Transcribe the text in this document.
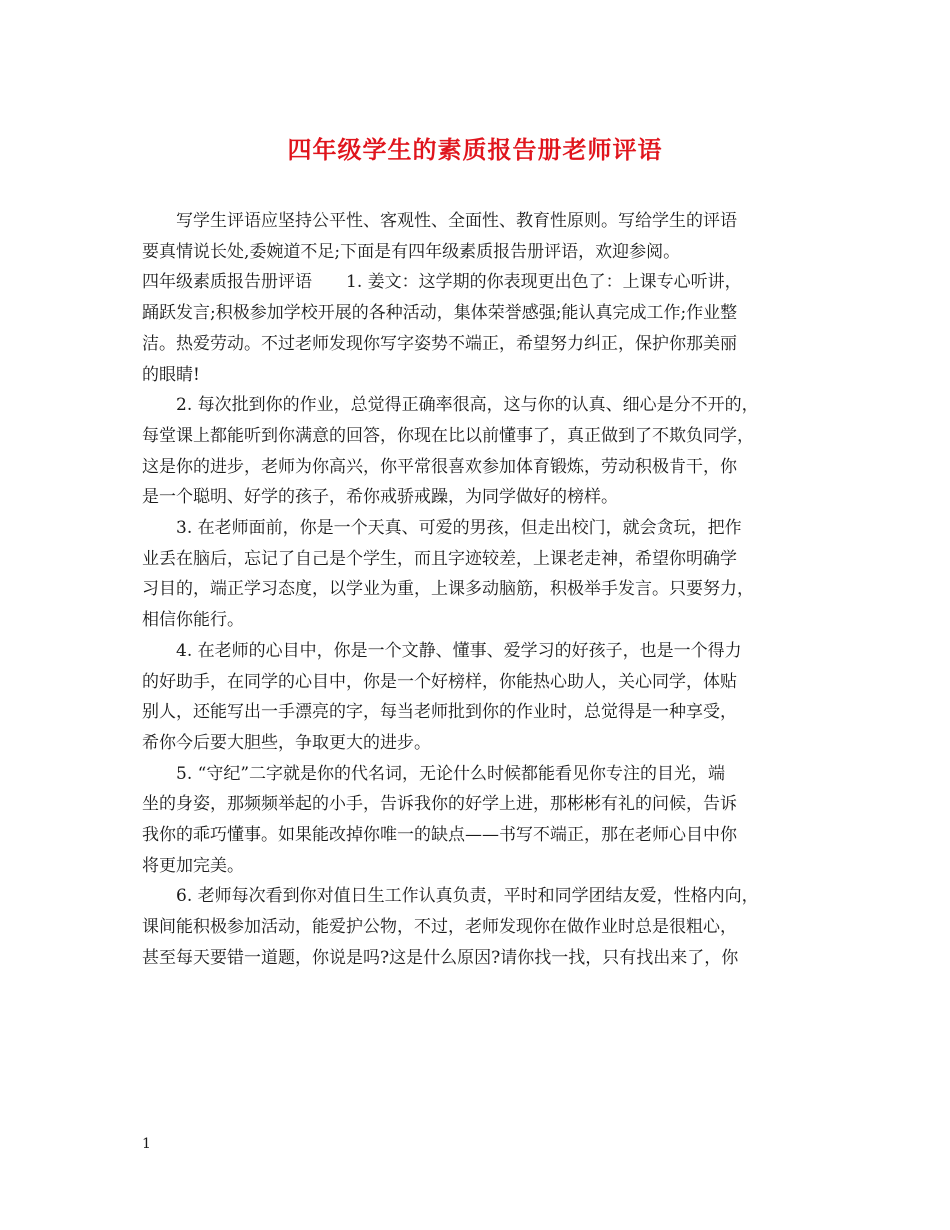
四年级学生的素质报告册老师评语
写学生评语应坚持公平性、客观性、全面性、教育性原则。写给学生的评语
要真情说长处,委婉道不足;下面是有四年级素质报告册评语，欢迎参阅。
四年级素质报告册评语　　1. 姜文：这学期的你表现更出色了：上课专心听讲，
踊跃发言;积极参加学校开展的各种活动，集体荣誉感强;能认真完成工作;作业整
洁。热爱劳动。不过老师发现你写字姿势不端正，希望努力纠正，保护你那美丽
的眼睛!
2. 每次批到你的作业，总觉得正确率很高，这与你的认真、细心是分不开的，
每堂课上都能听到你满意的回答，你现在比以前懂事了，真正做到了不欺负同学，
这是你的进步，老师为你高兴，你平常很喜欢参加体育锻炼，劳动积极肯干，你
是一个聪明、好学的孩子，希你戒骄戒躁，为同学做好的榜样。
3. 在老师面前，你是一个天真、可爱的男孩，但走出校门，就会贪玩，把作
业丢在脑后，忘记了自己是个学生，而且字迹较差，上课老走神，希望你明确学
习目的，端正学习态度，以学业为重，上课多动脑筋，积极举手发言。只要努力，
相信你能行。
4. 在老师的心目中，你是一个文静、懂事、爱学习的好孩子，也是一个得力
的好助手，在同学的心目中，你是一个好榜样，你能热心助人，关心同学，体贴
别人，还能写出一手漂亮的字，每当老师批到你的作业时，总觉得是一种享受，
希你今后要大胆些，争取更大的进步。
5. “守纪”二字就是你的代名词，无论什么时候都能看见你专注的目光，端
坐的身姿，那频频举起的小手，告诉我你的好学上进，那彬彬有礼的问候，告诉
我你的乖巧懂事。如果能改掉你唯一的缺点——书写不端正，那在老师心目中你
将更加完美。
6. 老师每次看到你对值日生工作认真负责，平时和同学团结友爱，性格内向，
课间能积极参加活动，能爱护公物，不过，老师发现你在做作业时总是很粗心，
甚至每天要错一道题，你说是吗?这是什么原因?请你找一找，只有找出来了，你
1
